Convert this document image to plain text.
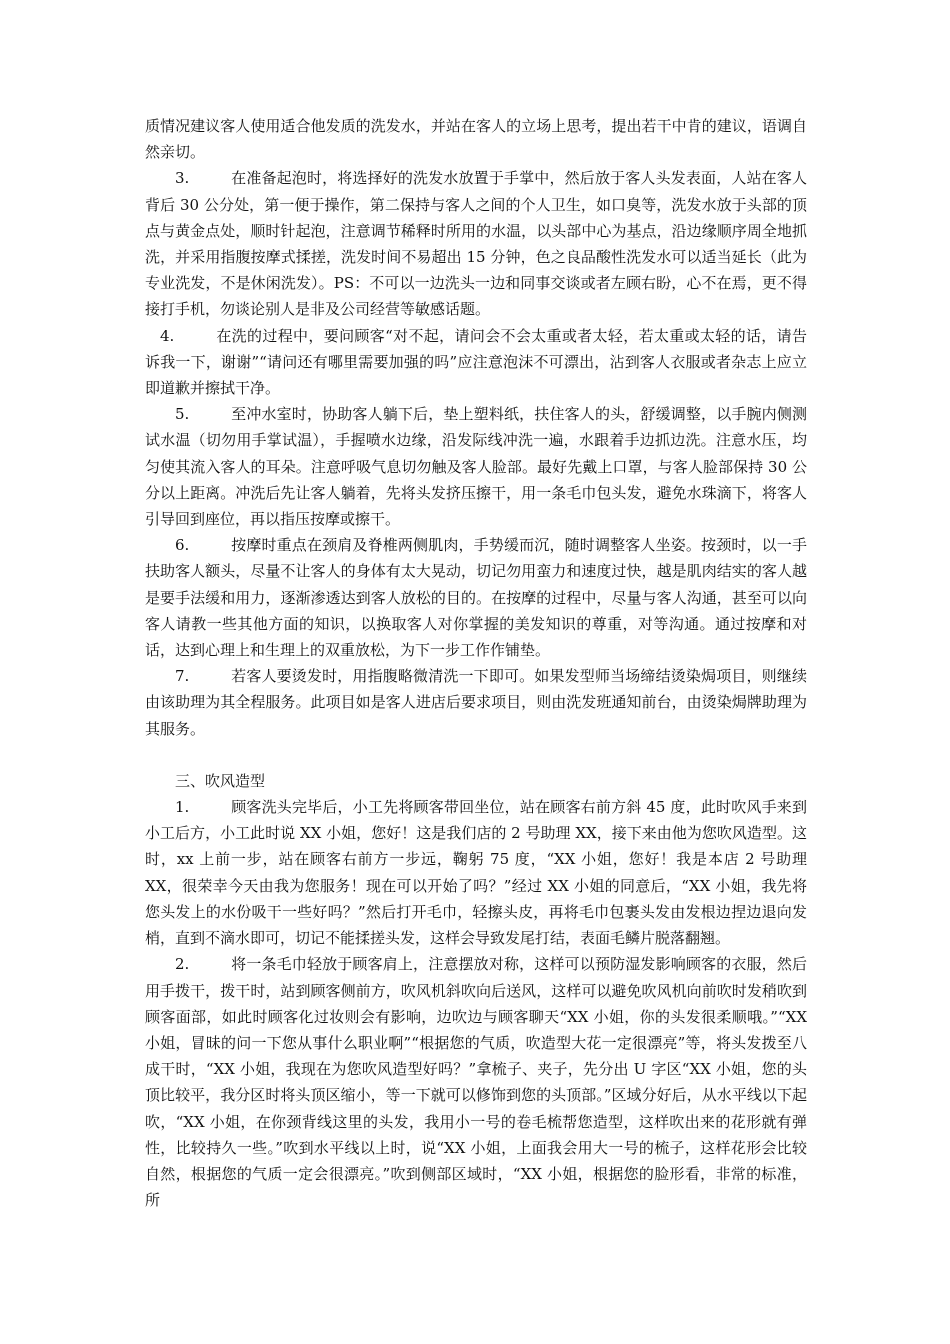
质情况建议客人使用适合他发质的洗发水，并站在客人的立场上思考，提出若干中肯的建议，语调自然亲切。

3.	在准备起泡时，将选择好的洗发水放置于手掌中，然后放于客人头发表面，人站在客人背后 30 公分处，第一便于操作，第二保持与客人之间的个人卫生，如口臭等，洗发水放于头部的顶点与黄金点处，顺时针起泡，注意调节稀释时所用的水温，以头部中心为基点，沿边缘顺序周全地抓洗，并采用指腹按摩式揉搓，洗发时间不易超出 15 分钟，色之良品酸性洗发水可以适当延长（此为专业洗发，不是休闲洗发）。PS：不可以一边洗头一边和同事交谈或者左顾右盼，心不在焉，更不得接打手机，勿谈论别人是非及公司经营等敏感话题。

4.	在洗的过程中，要问顾客“对不起，请问会不会太重或者太轻，若太重或太轻的话，请告诉我一下，谢谢”“请问还有哪里需要加强的吗”应注意泡沫不可漂出，沾到客人衣服或者杂志上应立即道歉并擦拭干净。

5.	至冲水室时，协助客人躺下后，垫上塑料纸，扶住客人的头，舒缓调整，以手腕内侧测试水温（切勿用手掌试温），手握喷水边缘，沿发际线冲洗一遍，水跟着手边抓边洗。注意水压，均匀使其流入客人的耳朵。注意呼吸气息切勿触及客人脸部。最好先戴上口罩，与客人脸部保持 30 公分以上距离。冲洗后先让客人躺着，先将头发挤压擦干，用一条毛巾包头发，避免水珠滴下，将客人引导回到座位，再以指压按摩或擦干。

6.	按摩时重点在颈肩及脊椎两侧肌肉，手势缓而沉，随时调整客人坐姿。按颈时，以一手扶助客人额头，尽量不让客人的身体有太大晃动，切记勿用蛮力和速度过快，越是肌肉结实的客人越是要手法缓和用力，逐渐渗透达到客人放松的目的。在按摩的过程中，尽量与客人沟通，甚至可以向客人请教一些其他方面的知识，以换取客人对你掌握的美发知识的尊重，对等沟通。通过按摩和对话，达到心理上和生理上的双重放松，为下一步工作作铺垫。

7.	若客人要烫发时，用指腹略微清洗一下即可。如果发型师当场缔结烫染焗项目，则继续由该助理为其全程服务。此项目如是客人进店后要求项目，则由洗发班通知前台，由烫染焗牌助理为其服务。

三、吹风造型

1.	顾客洗头完毕后，小工先将顾客带回坐位，站在顾客右前方斜 45 度，此时吹风手来到小工后方，小工此时说 XX 小姐，您好！这是我们店的 2 号助理 XX，接下来由他为您吹风造型。这时，xx 上前一步，站在顾客右前方一步远，鞠躬 75 度，“XX 小姐，您好！我是本店 2 号助理 XX，很荣幸今天由我为您服务！现在可以开始了吗？”经过 XX 小姐的同意后，“XX 小姐，我先将您头发上的水份吸干一些好吗？”然后打开毛巾，轻擦头皮，再将毛巾包裹头发由发根边捏边退向发梢，直到不滴水即可，切记不能揉搓头发，这样会导致发尾打结，表面毛鳞片脱落翻翘。

2.	将一条毛巾轻放于顾客肩上，注意摆放对称，这样可以预防湿发影响顾客的衣服，然后用手拨干，拨干时，站到顾客侧前方，吹风机斜吹向后送风，这样可以避免吹风机向前吹时发稍吹到顾客面部，如此时顾客化过妆则会有影响，边吹边与顾客聊天“XX 小姐，你的头发很柔顺哦。”“XX 小姐，冒昧的问一下您从事什么职业啊”“根据您的气质，吹造型大花一定很漂亮”等，将头发拨至八成干时，“XX 小姐，我现在为您吹风造型好吗？”拿梳子、夹子，先分出 U 字区“XX 小姐，您的头顶比较平，我分区时将头顶区缩小，等一下就可以修饰到您的头顶部。”区域分好后，从水平线以下起吹，“XX 小姐，在你颈背线这里的头发，我用小一号的卷毛梳帮您造型，这样吹出来的花形就有弹性，比较持久一些。”吹到水平线以上时，说“XX 小姐，上面我会用大一号的梳子，这样花形会比较自然，根据您的气质一定会很漂亮。”吹到侧部区域时，“XX 小姐，根据您的脸形看，非常的标准，所
